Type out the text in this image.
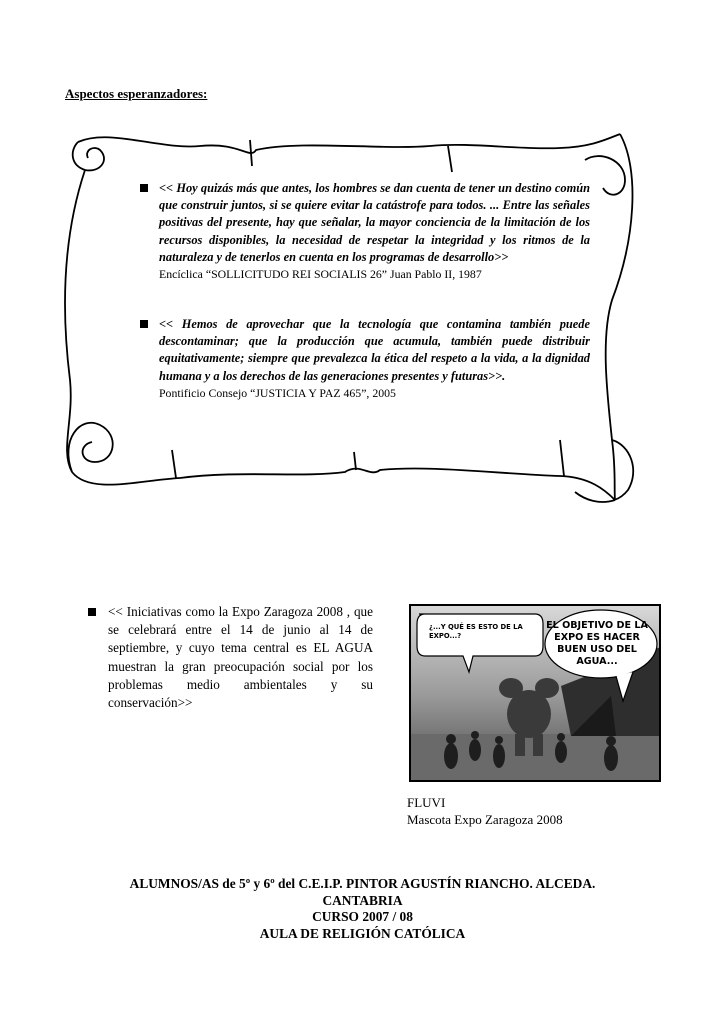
Aspectos esperanzadores:
<< Hoy quizás más que antes, los hombres se dan cuenta de tener un destino común que construir juntos, si se quiere evitar la catástrofe para todos. ... Entre las señales positivas del presente, hay que señalar, la mayor conciencia de la limitación de los recursos disponibles, la necesidad de respetar la integridad y los ritmos de la naturaleza y de tenerlos en cuenta en los programas de desarrollo>>
Encíclica “SOLLICITUDO REI SOCIALIS 26” Juan Pablo II, 1987
<< Hemos de aprovechar que la tecnología que contamina también puede descontaminar; que la producción que acumula, también puede distribuir equitativamente; siempre que prevalezca la ética del respeto a la vida, a la dignidad humana y a los derechos de las generaciones presentes y futuras>>.
Pontificio Consejo “JUSTICIA Y PAZ 465”, 2005
<< Iniciativas como la Expo Zaragoza 2008 , que se celebrará entre el 14 de junio al 14 de septiembre, y cuyo tema central es EL AGUA muestran la gran preocupación social por los problemas medio ambientales y su conservación>>
¿...Y QUÉ ES ESTO DE LA EXPO...?
EL OBJETIVO DE LA EXPO ES HACER BUEN USO DEL AGUA...
FLUVI
Mascota Expo Zaragoza 2008
ALUMNOS/AS de 5º y 6º del C.E.I.P. PINTOR AGUSTÍN RIANCHO. ALCEDA.
CANTABRIA
CURSO 2007 / 08
AULA DE RELIGIÓN CATÓLICA
